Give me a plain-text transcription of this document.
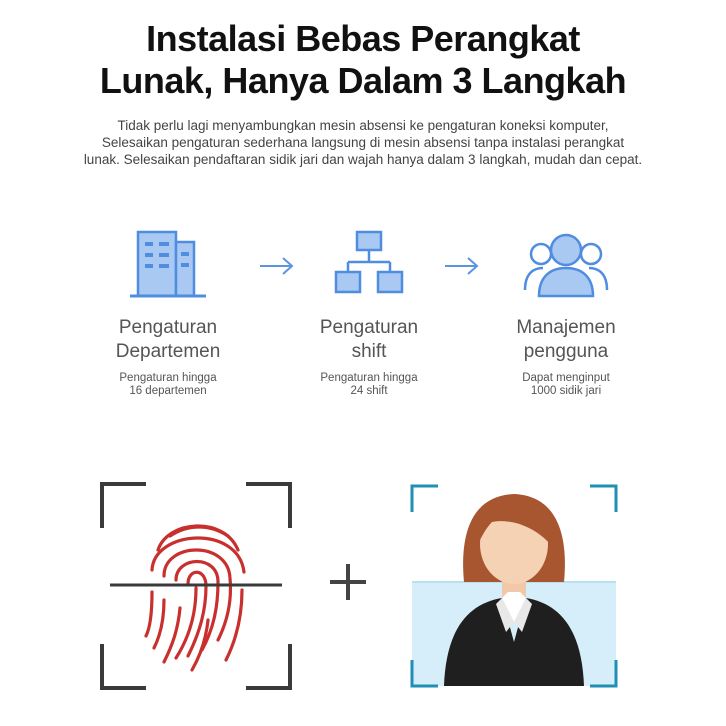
Instalasi Bebas Perangkat
Lunak, Hanya Dalam 3 Langkah
Tidak perlu lagi menyambungkan mesin absensi ke pengaturan koneksi komputer,
Selesaikan pengaturan sederhana langsung di mesin absensi tanpa instalasi perangkat
lunak. Selesaikan pendaftaran sidik jari dan wajah hanya dalam 3 langkah, mudah dan cepat.
Pengaturan
Departemen
Pengaturan hingga
16 departemen
Pengaturan
shift
Pengaturan hingga
24 shift
Manajemen
pengguna
Dapat menginput
1000 sidik jari
